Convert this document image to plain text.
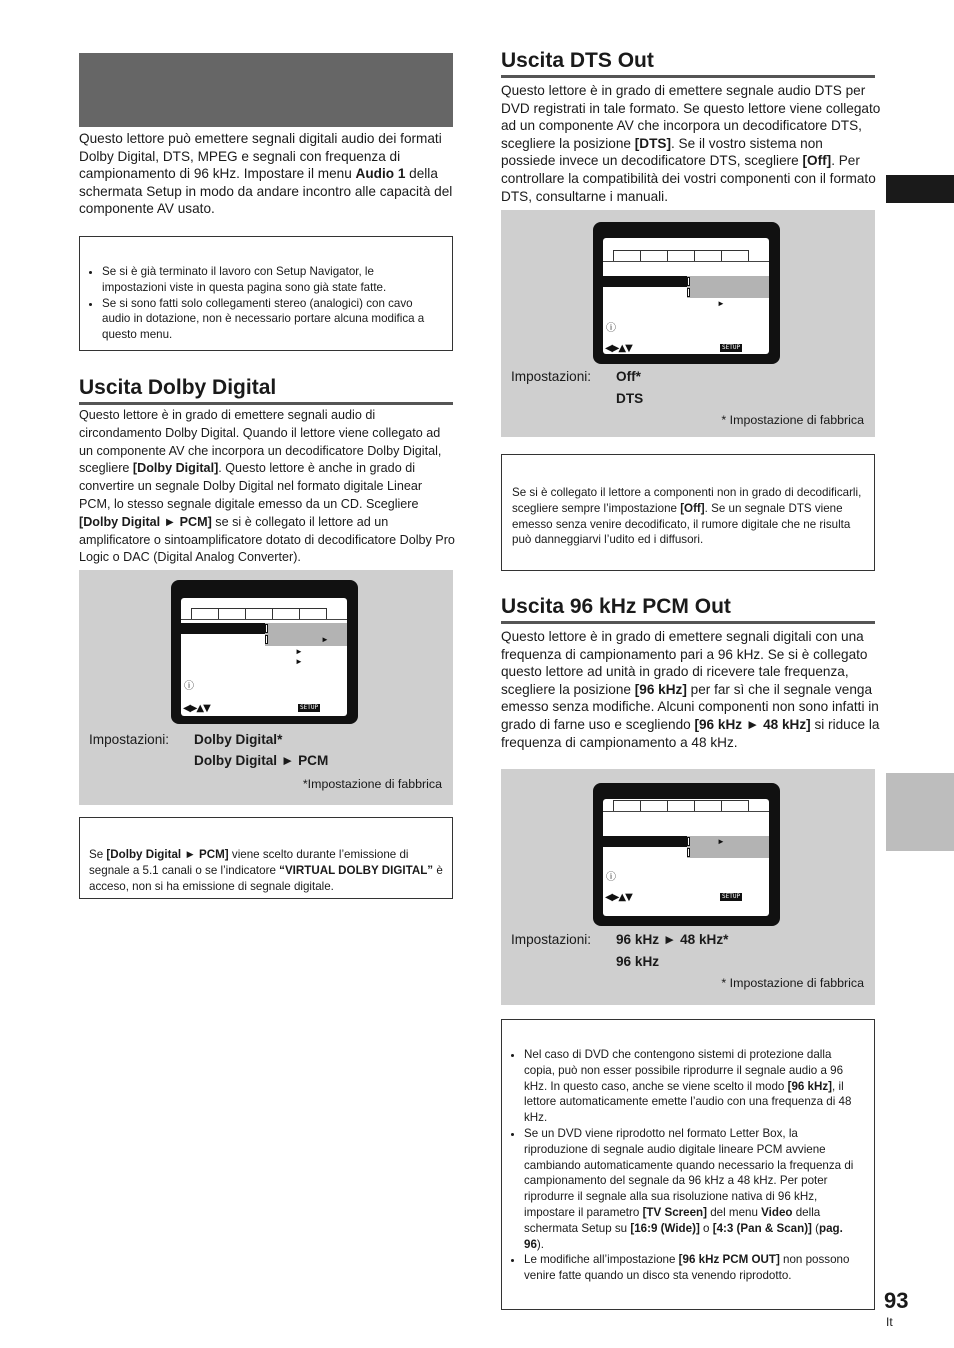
Questo lettore può emettere segnali digitali audio dei formati Dolby Digital, DTS, MPEG e segnali con frequenza di campionamento di 96 kHz. Impostare il menu Audio 1 della schermata Setup in modo da andare incontro alle capacità del componente AV usato.

• Se si è già terminato il lavoro con Setup Navigator, le impostazioni viste in questa pagina sono già state fatte.
• Se si sono fatti solo collegamenti stereo (analogici) con cavo audio in dotazione, non è necessario portare alcuna modifica a questo menu.
Uscita Dolby Digital

Questo lettore è in grado di emettere segnali audio di circondamento Dolby Digital. Quando il lettore viene collegato ad un componente AV che incorpora un decodificatore Dolby Digital, scegliere [Dolby Digital]. Questo lettore è anche in grado di convertire un segnale Dolby Digital nel formato digitale Linear PCM, lo stesso segnale digitale emesso da un CD. Scegliere [Dolby Digital ► PCM] se si è collegato il lettore ad un amplificatore o sintoamplificatore dotato di decodificatore Dolby Pro Logic o DAC (Digital Analog Converter).

►
►
►
ⓘ
◀▶▲▼	SETUP
Impostazioni: Dolby Digital*
Dolby Digital ► PCM
*Impostazione di fabbrica

Se [Dolby Digital ► PCM] viene scelto durante l’emissione di segnale a 5.1 canali o se l’indicatore “VIRTUAL DOLBY DIGITAL” è acceso, non si ha emissione di segnale digitale.

Uscita DTS Out

Questo lettore è in grado di emettere segnale audio DTS per DVD registrati in tale formato. Se questo lettore viene collegato ad un componente AV che incorpora un decodificatore DTS, scegliere la posizione [DTS]. Se il vostro sistema non possiede invece un decodificatore DTS, scegliere [Off]. Per controllare la compatibilità dei vostri componenti con il formato DTS, consultarne i manuali.

►
ⓘ
◀▶▲▼	SETUP
Impostazioni: Off*
DTS
* Impostazione di fabbrica

Se si è collegato il lettore a componenti non in grado di decodificarli, scegliere sempre l’impostazione [Off]. Se un segnale DTS viene emesso senza venire decodificato, il rumore digitale che ne risulta può danneggiarvi l’udito ed i diffusori.

Uscita 96 kHz PCM Out

Questo lettore è in grado di emettere segnali digitali con una frequenza di campionamento pari a 96 kHz. Se si è collegato questo lettore ad unità in grado di ricevere tale frequenza, scegliere la posizione [96 kHz] per far sì che il segnale venga emesso senza modifiche. Alcuni componenti non sono infatti in grado di farne uso e scegliendo [96 kHz ► 48 kHz] si riduce la frequenza di campionamento a 48 kHz.

►
ⓘ
◀▶▲▼	SETUP
Impostazioni: 96 kHz ► 48 kHz*
96 kHz
* Impostazione di fabbrica
• Nel caso di DVD che contengono sistemi di protezione dalla copia, può non esser possibile riprodurre il segnale audio a 96 kHz. In questo caso, anche se viene scelto il modo [96 kHz], il lettore automaticamente emette l’audio con una frequenza di 48 kHz.
• Se un DVD viene riprodotto nel formato Letter Box, la riproduzione di segnale audio digitale lineare PCM avviene cambiando automaticamente quando necessario la frequenza di campionamento del segnale da 96 kHz a 48 kHz. Per poter riprodurre il segnale alla sua risoluzione nativa di 96 kHz, impostare il parametro [TV Screen] del menu Video della schermata Setup su [16:9 (Wide)] o [4:3 (Pan & Scan)] (pag. 96).
• Le modifiche all’impostazione [96 kHz PCM OUT] non possono venire fatte quando un disco sta venendo riprodotto.
93
It
